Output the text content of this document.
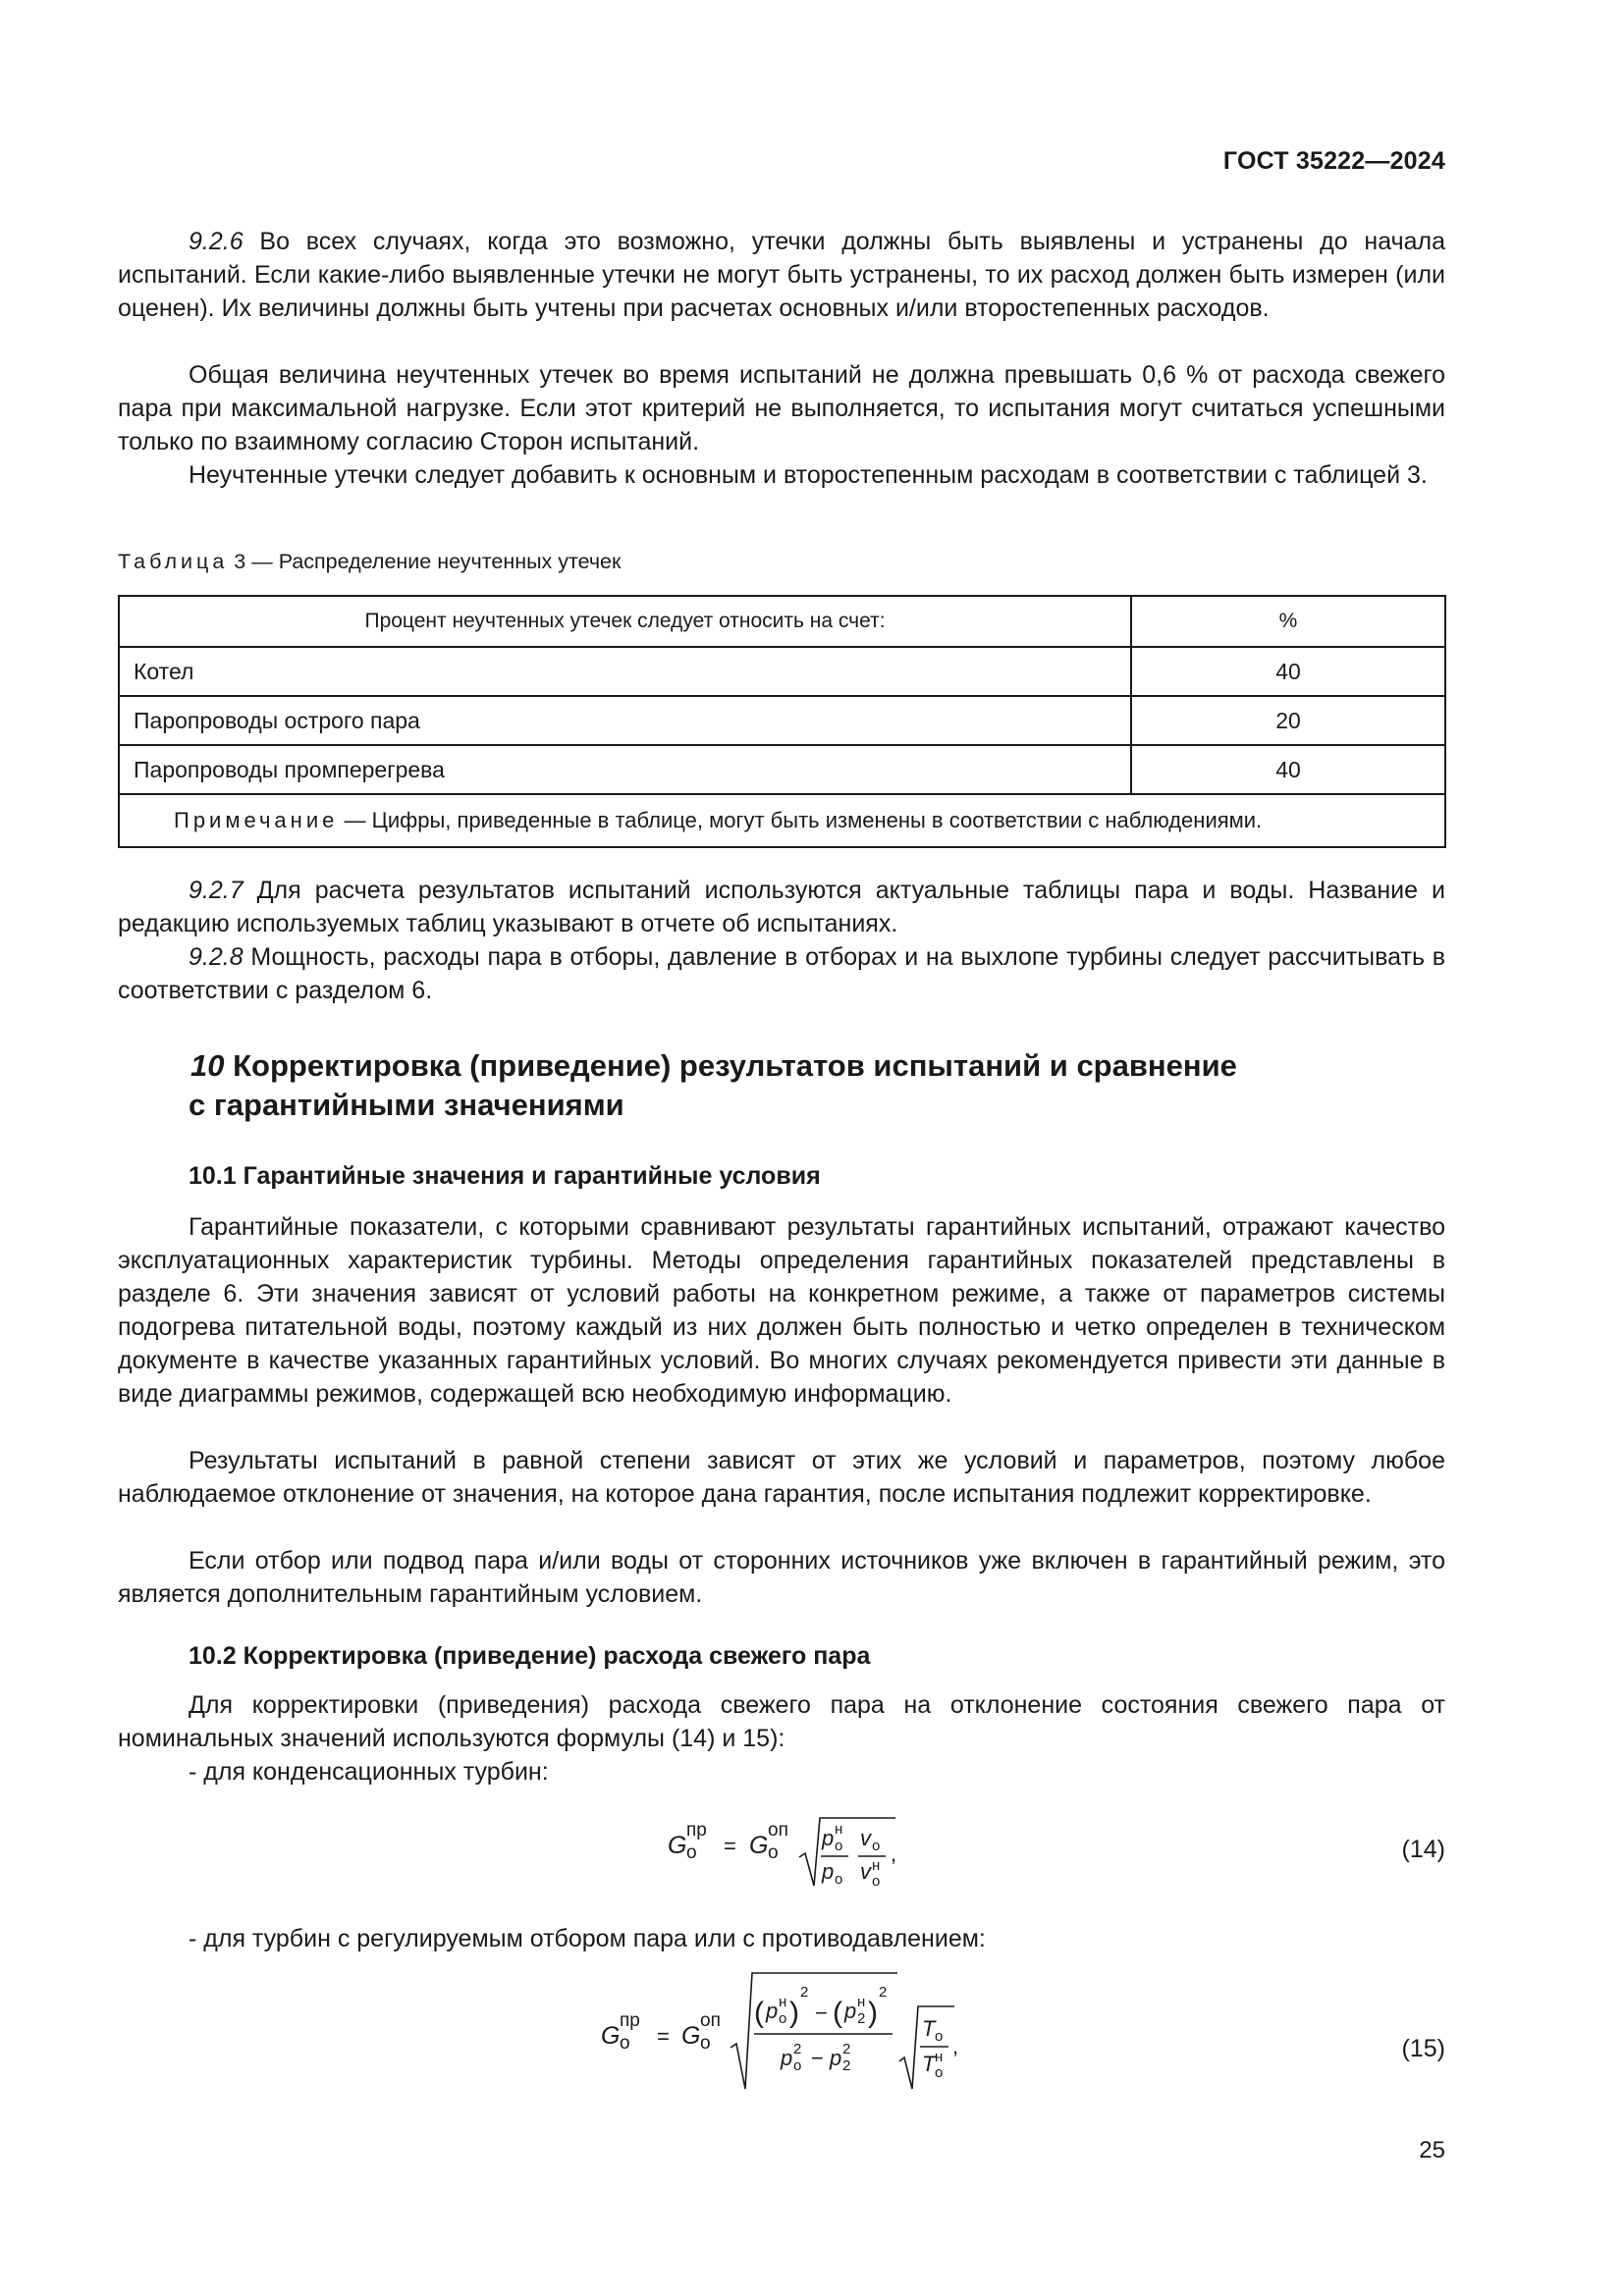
ГОСТ 35222—2024

9.2.6 Во всех случаях, когда это возможно, утечки должны быть выявлены и устранены до начала испытаний. Если какие-либо выявленные утечки не могут быть устранены, то их расход должен быть измерен (или оценен). Их величины должны быть учтены при расчетах основных и/или второстепенных расходов.

Общая величина неучтенных утечек во время испытаний не должна превышать 0,6 % от расхода свежего пара при максимальной нагрузке. Если этот критерий не выполняется, то испытания могут считаться успешными только по взаимному согласию Сторон испытаний.

Неучтенные утечки следует добавить к основным и второстепенным расходам в соответствии с таблицей 3.

Таблица 3 — Распределение неучтенных утечек
Процент неучтенных утечек следует относить на счет:	%
Котел	40
Паропроводы острого пара	20
Паропроводы промперегрева	40
Примечание — Цифры, приведенные в таблице, могут быть изменены в соответствии с наблюдениями.	

9.2.7 Для расчета результатов испытаний используются актуальные таблицы пара и воды. Название и редакцию используемых таблиц указывают в отчете об испытаниях.

9.2.8 Мощность, расходы пара в отборы, давление в отборах и на выхлопе турбины следует рассчитывать в соответствии с разделом 6.

10 Корректировка (приведение) результатов испытаний и сравнение
с гарантийными значениями
10.1 Гарантийные значения и гарантийные условия

Гарантийные показатели, с которыми сравнивают результаты гарантийных испытаний, отражают качество эксплуатационных характеристик турбины. Методы определения гарантийных показателей представлены в разделе 6. Эти значения зависят от условий работы на конкретном режиме, а также от параметров системы подогрева питательной воды, поэтому каждый из них должен быть полностью и четко определен в техническом документе в качестве указанных гарантийных условий. Во многих случаях рекомендуется привести эти данные в виде диаграммы режимов, содержащей всю необходимую информацию.

Результаты испытаний в равной степени зависят от этих же условий и параметров, поэтому любое наблюдаемое отклонение от значения, на которое дана гарантия, после испытания подлежит корректировке.

Если отбор или подвод пара и/или воды от сторонних источников уже включен в гарантийный режим, это является дополнительным гарантийным условием.

10.2 Корректировка (приведение) расхода свежего пара

Для корректировки (приведения) расхода свежего пара на отклонение состояния свежего пара от номинальных значений используются формулы (14) и 15):

- для конденсационных турбин:

G
пр
о = G
оп
о
p н
о
p о
v о
v н
о
,	(14)

- для турбин с регулируемым отбором пара или с противодавлением:

G
пр
о = G
оп
о
( p н
о )
2
− ( p н
2 )
2
p 2
о − p 2
2
T о
T н
о
,	(15)
25
